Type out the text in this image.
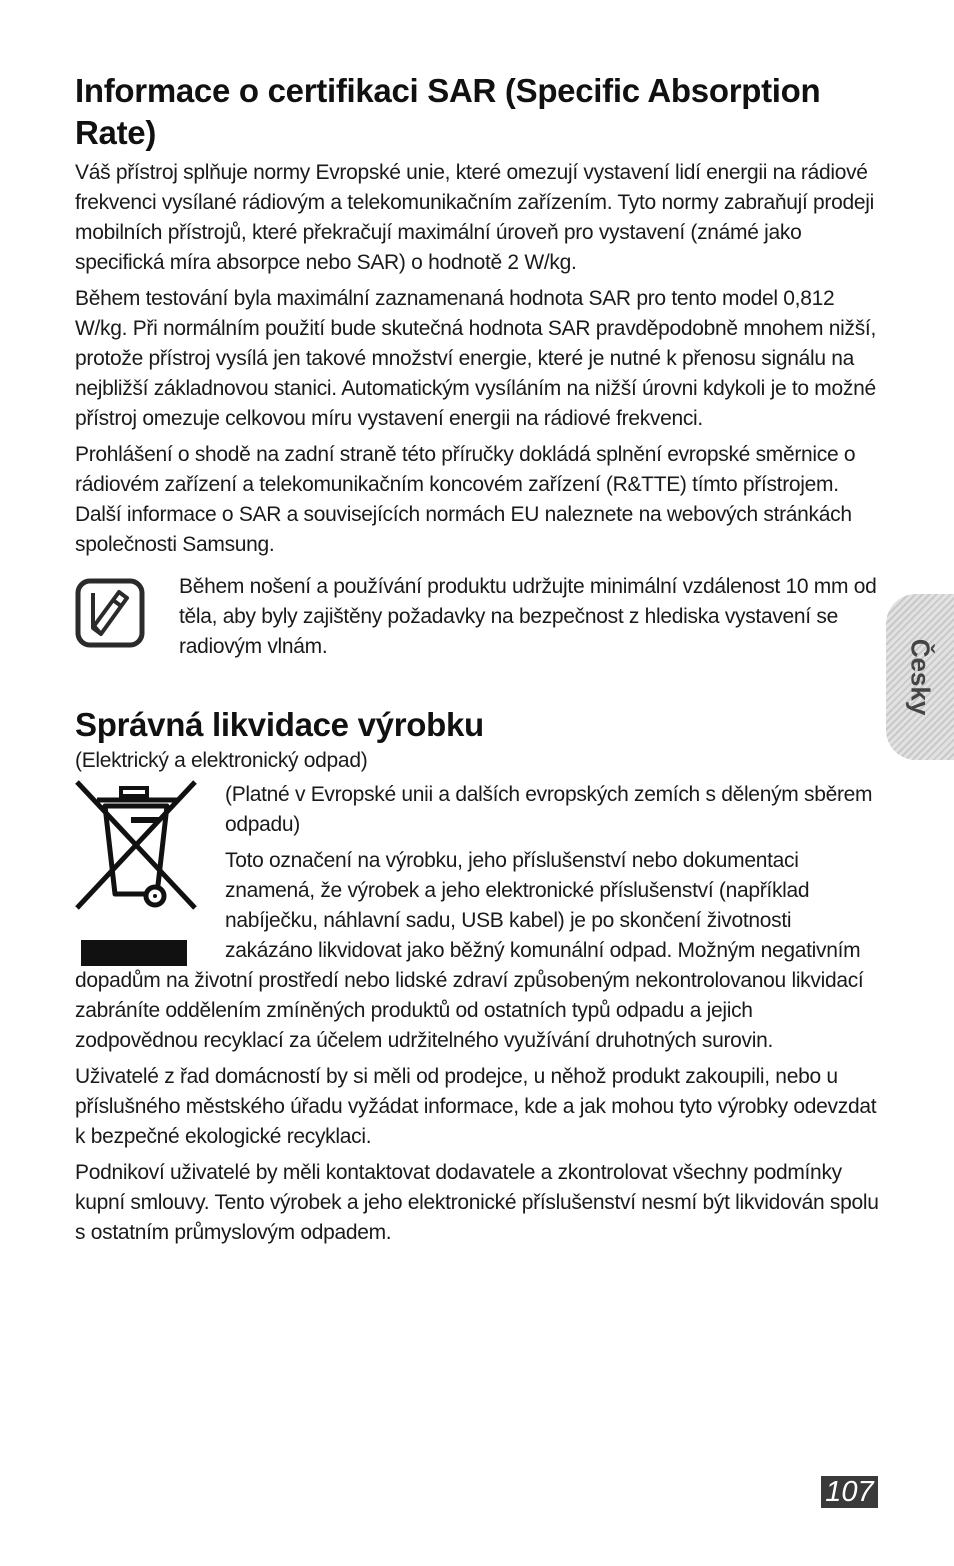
Informace o certifikaci SAR (Specific Absorption Rate)

Váš přístroj splňuje normy Evropské unie, které omezují vystavení lidí energii na rádiové frekvenci vysílané rádiovým a telekomunikačním zařízením. Tyto normy zabraňují prodeji mobilních přístrojů, které překračují maximální úroveň pro vystavení (známé jako specifická míra absorpce nebo SAR) o hodnotě 2 W/kg.

Během testování byla maximální zaznamenaná hodnota SAR pro tento model 0,812 W/kg. Při normálním použití bude skutečná hodnota SAR pravděpodobně mnohem nižší, protože přístroj vysílá jen takové množství energie, které je nutné k přenosu signálu na nejbližší základnovou stanici. Automatickým vysíláním na nižší úrovni kdykoli je to možné přístroj omezuje celkovou míru vystavení energii na rádiové frekvenci.

Prohlášení o shodě na zadní straně této příručky dokládá splnění evropské směrnice o rádiovém zařízení a telekomunikačním koncovém zařízení (R&TTE) tímto přístrojem. Další informace o SAR a souvisejících normách EU naleznete na webových stránkách společnosti Samsung.

Během nošení a používání produktu udržujte minimální vzdálenost 10 mm od těla, aby byly zajištěny požadavky na bezpečnost z hlediska vystavení se radiovým vlnám.

Správná likvidace výrobku

(Elektrický a elektronický odpad)

(Platné v Evropské unii a dalších evropských zemích s děleným sběrem odpadu)

Toto označení na výrobku, jeho příslušenství nebo dokumentaci znamená, že výrobek a jeho elektronické příslušenství (například nabíječku, náhlavní sadu, USB kabel) je po skončení životnosti zakázáno likvidovat jako běžný komunální odpad. Možným negativním dopadům na životní prostředí nebo lidské zdraví způsobeným nekontrolovanou likvidací zabráníte oddělením zmíněných produktů od ostatních typů odpadu a jejich zodpovědnou recyklací za účelem udržitelného využívání druhotných surovin.

Uživatelé z řad domácností by si měli od prodejce, u něhož produkt zakoupili, nebo u příslušného městského úřadu vyžádat informace, kde a jak mohou tyto výrobky odevzdat k bezpečné ekologické recyklaci.

Podnikoví uživatelé by měli kontaktovat dodavatele a zkontrolovat všechny podmínky kupní smlouvy. Tento výrobek a jeho elektronické příslušenství nesmí být likvidován spolu s ostatním průmyslovým odpadem.

Česky
107
